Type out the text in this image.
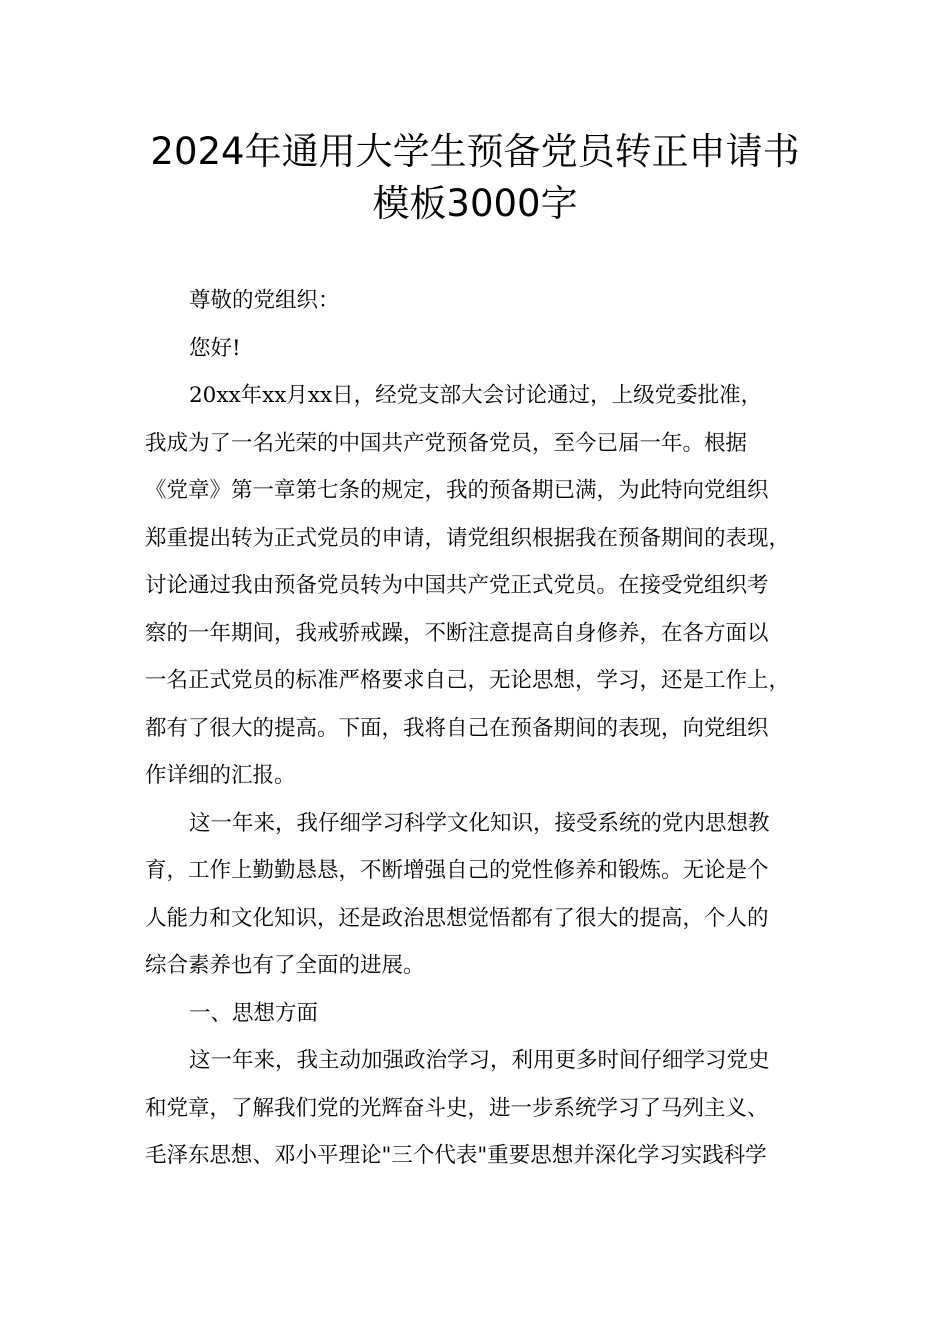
2024年通用大学生预备党员转正申请书
模板3000字
尊敬的党组织：
您好!
20xx年xx月xx日，经党支部大会讨论通过，上级党委批准，
我成为了一名光荣的中国共产党预备党员，至今已届一年。根据
《党章》第一章第七条的规定，我的预备期已满，为此特向党组织
郑重提出转为正式党员的申请，请党组织根据我在预备期间的表现，
讨论通过我由预备党员转为中国共产党正式党员。在接受党组织考
察的一年期间，我戒骄戒躁，不断注意提高自身修养，在各方面以
一名正式党员的标准严格要求自己，无论思想，学习，还是工作上，
都有了很大的提高。下面，我将自己在预备期间的表现，向党组织
作详细的汇报。
这一年来，我仔细学习科学文化知识，接受系统的党内思想教
育，工作上勤勤恳恳，不断增强自己的党性修养和锻炼。无论是个
人能力和文化知识，还是政治思想觉悟都有了很大的提高，个人的
综合素养也有了全面的进展。
一、思想方面
这一年来，我主动加强政治学习，利用更多时间仔细学习党史
和党章，了解我们党的光辉奋斗史，进一步系统学习了马列主义、
毛泽东思想、邓小平理论"三个代表"重要思想并深化学习实践科学
